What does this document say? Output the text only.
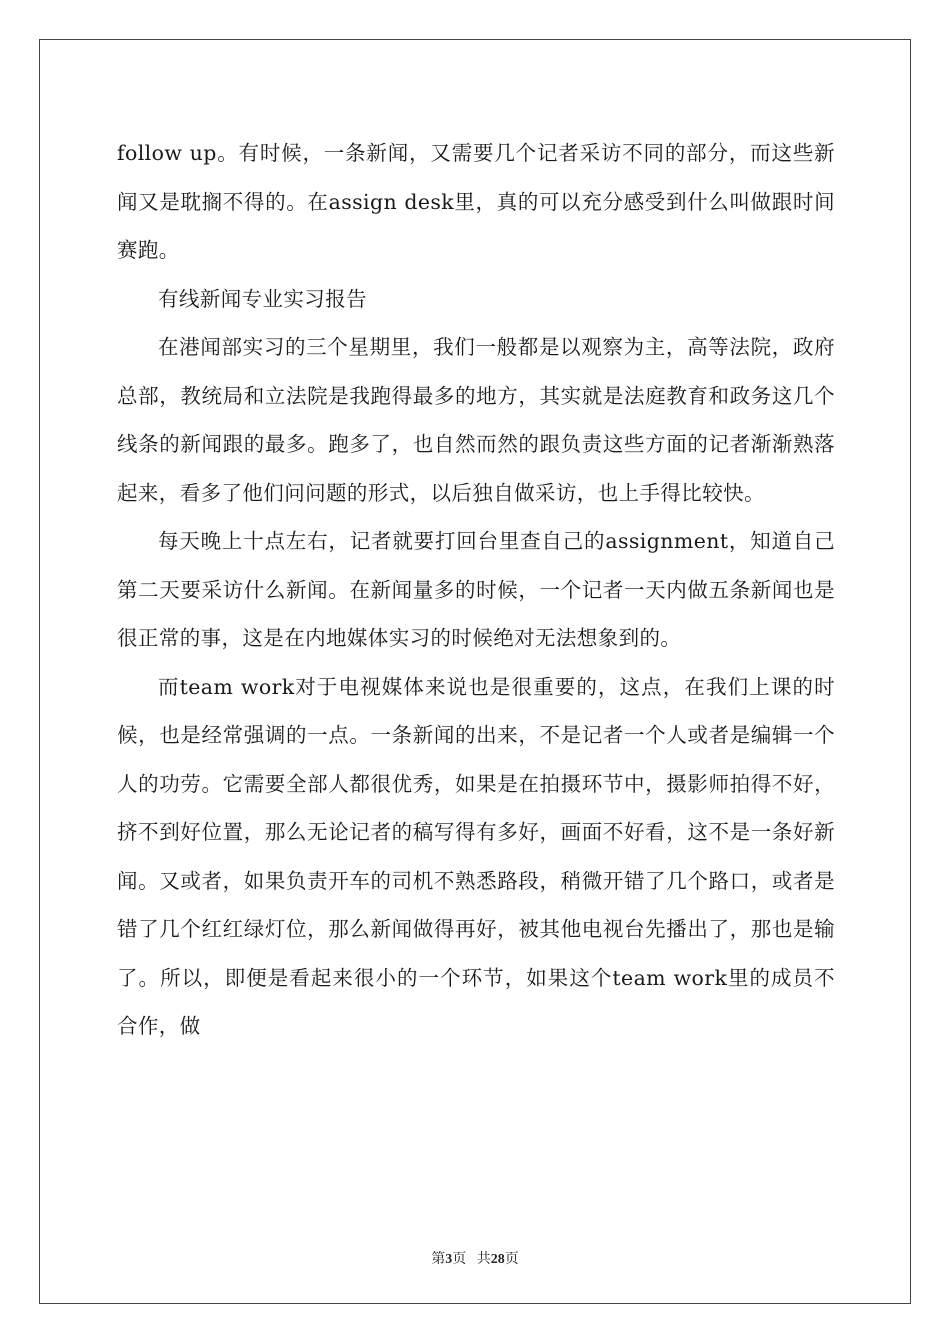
follow up。有时候，一条新闻，又需要几个记者采访不同的部分，而这些新闻又是耽搁不得的。在assign desk里，真的可以充分感受到什么叫做跟时间赛跑。

有线新闻专业实习报告

在港闻部实习的三个星期里，我们一般都是以观察为主，高等法院，政府总部，教统局和立法院是我跑得最多的地方，其实就是法庭教育和政务这几个线条的新闻跟的最多。跑多了，也自然而然的跟负责这些方面的记者渐渐熟落起来，看多了他们问问题的形式，以后独自做采访，也上手得比较快。

每天晚上十点左右，记者就要打回台里查自己的assignment，知道自己第二天要采访什么新闻。在新闻量多的时候，一个记者一天内做五条新闻也是很正常的事，这是在内地媒体实习的时候绝对无法想象到的。

而team work对于电视媒体来说也是很重要的，这点，在我们上课的时候，也是经常强调的一点。一条新闻的出来，不是记者一个人或者是编辑一个人的功劳。它需要全部人都很优秀，如果是在拍摄环节中，摄影师拍得不好，挤不到好位置，那么无论记者的稿写得有多好，画面不好看，这不是一条好新闻。又或者，如果负责开车的司机不熟悉路段，稍微开错了几个路口，或者是错了几个红红绿灯位，那么新闻做得再好，被其他电视台先播出了，那也是输了。所以，即便是看起来很小的一个环节，如果这个team work里的成员不合作，做

第3页   共28页
